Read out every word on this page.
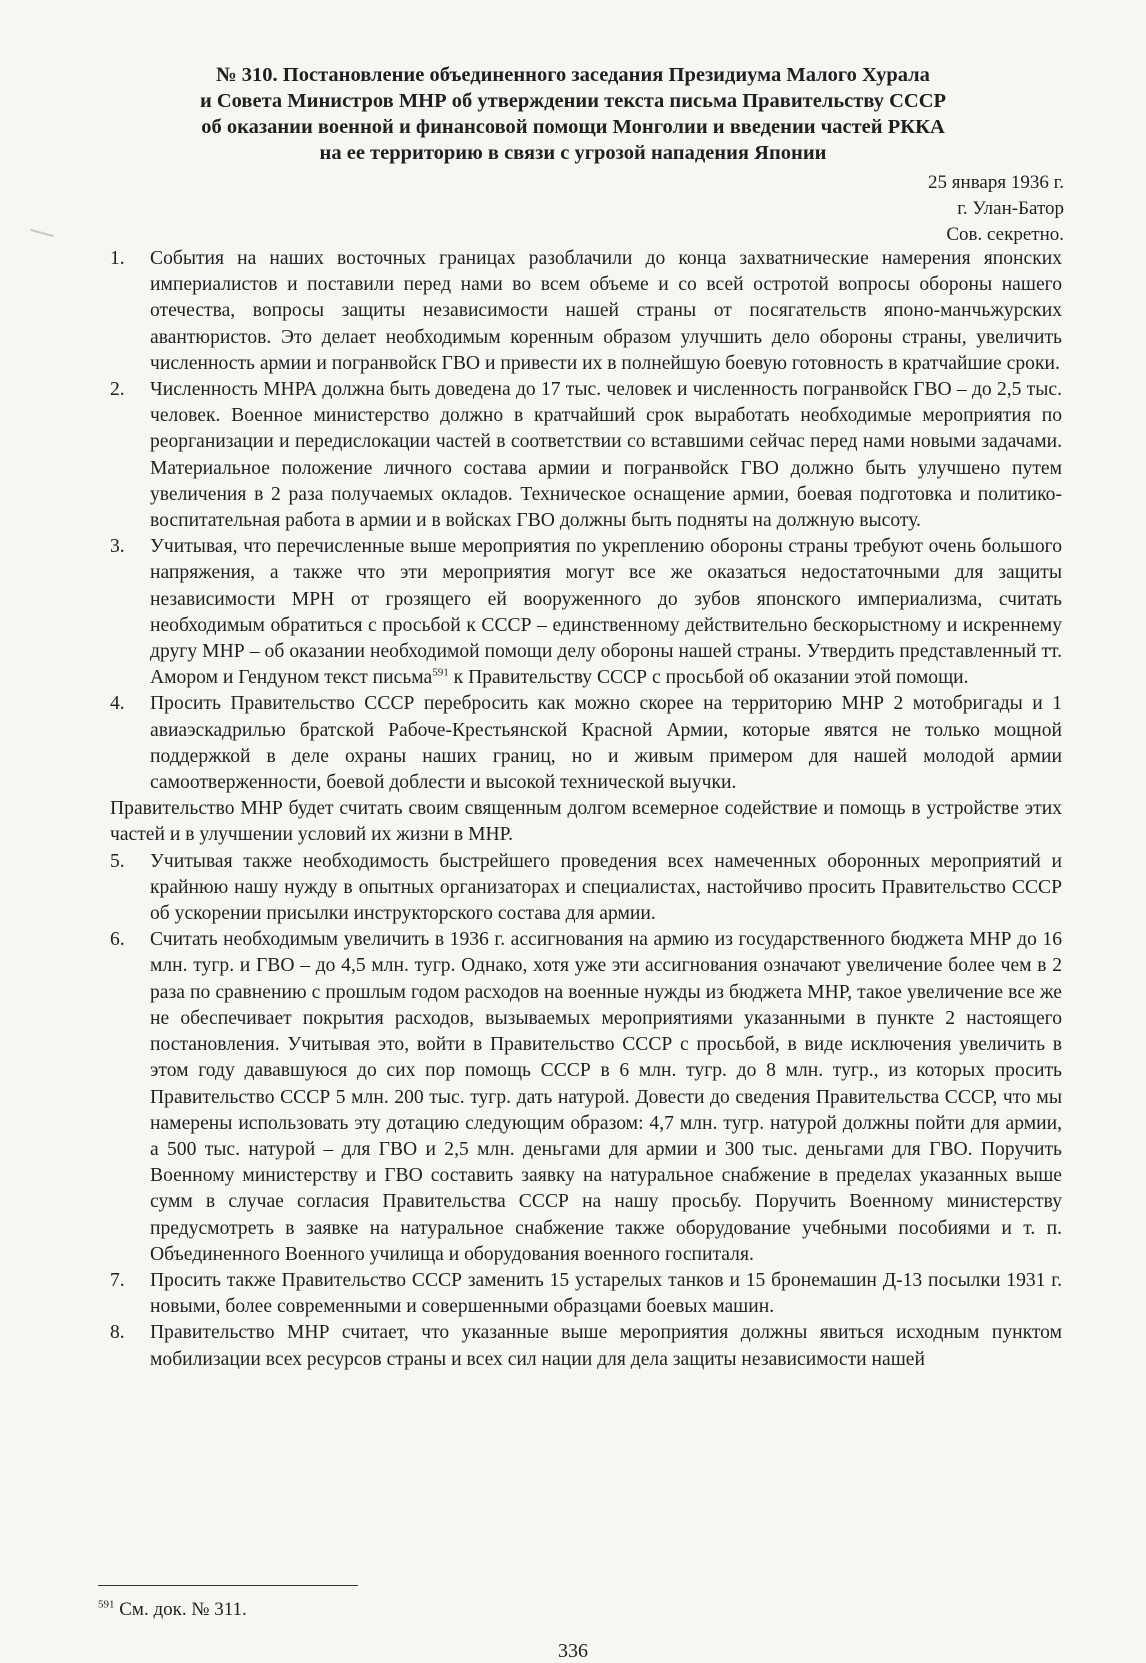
№ 310. Постановление объединенного заседания Президиума Малого Хурала
и Совета Министров МНР об утверждении текста письма Правительству СССР
об оказании военной и финансовой помощи Монголии и введении частей РККА
на ее территорию в связи с угрозой нападения Японии
25 января 1936 г.
г. Улан-Батор
Сов. секретно.
1.	События на наших восточных границах разоблачили до конца захватнические намерения японских империалистов и поставили перед нами во всем объеме и со всей остротой вопросы обороны нашего отечества, вопросы защиты независимости нашей страны от посягательств японо-манчьжурских авантюристов. Это делает необходимым коренным образом улучшить дело обороны страны, увеличить численность армии и погранвойск ГВО и привести их в полнейшую боевую готовность в кратчайшие сроки.
2.	Численность МНРА должна быть доведена до 17 тыс. человек и численность погранвойск ГВО – до 2,5 тыс. человек. Военное министерство должно в кратчайший срок выработать необходимые мероприятия по реорганизации и передислокации частей в соответствии со вставшими сейчас перед нами новыми задачами. Материальное положение личного состава армии и погранвойск ГВО должно быть улучшено путем увеличения в 2 раза получаемых окладов. Техническое оснащение армии, боевая подготовка и политико-воспитательная работа в армии и в войсках ГВО должны быть подняты на должную высоту.
3.	Учитывая, что перечисленные выше мероприятия по укреплению обороны страны требуют очень большого напряжения, а также что эти мероприятия могут все же оказаться недостаточными для защиты независимости МРН от грозящего ей вооруженного до зубов японского империализма, считать необходимым обратиться с просьбой к СССР – единственному действительно бескорыстному и искреннему другу МНР – об оказании необходимой помощи делу обороны нашей страны. Утвердить представленный тт. Амором и Гендуном текст письма$^{591}$ к Правительству СССР с просьбой об оказании этой помощи.
4.	Просить Правительство СССР перебросить как можно скорее на территорию МНР 2 мотобригады и 1 авиаэскадрилью братской Рабоче-Крестьянской Красной Армии, которые явятся не только мощной поддержкой в деле охраны наших границ, но и живым примером для нашей молодой армии самоотверженности, боевой доблести и высокой технической выучки.

Правительство МНР будет считать своим священным долгом всемерное содействие и помощь в устройстве этих частей и в улучшении условий их жизни в МНР.

5.	Учитывая также необходимость быстрейшего проведения всех намеченных оборонных мероприятий и крайнюю нашу нужду в опытных организаторах и специалистах, настойчиво просить Правительство СССР об ускорении присылки инструкторского состава для армии.
6.	Считать необходимым увеличить в 1936 г. ассигнования на армию из государственного бюджета МНР до 16 млн. тугр. и ГВО – до 4,5 млн. тугр. Однако, хотя уже эти ассигнования означают увеличение более чем в 2 раза по сравнению с прошлым годом расходов на военные нужды из бюджета МНР, такое увеличение все же не обеспечивает покрытия расходов, вызываемых мероприятиями указанными в пункте 2 настоящего постановления. Учитывая это, войти в Правительство СССР с просьбой, в виде исключения увеличить в этом году дававшуюся до сих пор помощь СССР в 6 млн. тугр. до 8 млн. тугр., из которых просить Правительство СССР 5 млн. 200 тыс. тугр. дать натурой. Довести до сведения Правительства СССР, что мы намерены использовать эту дотацию следующим образом: 4,7 млн. тугр. натурой должны пойти для армии, а 500 тыс. натурой – для ГВО и 2,5 млн. деньгами для армии и 300 тыс. деньгами для ГВО. Поручить Военному министерству и ГВО составить заявку на натуральное снабжение в пределах указанных выше сумм в случае согласия Правительства СССР на нашу просьбу. Поручить Военному министерству предусмотреть в заявке на натуральное снабжение также оборудование учебными пособиями и т. п. Объединенного Военного училища и оборудования военного госпиталя.
7.	Просить также Правительство СССР заменить 15 устарелых танков и 15 бронемашин Д-13 посылки 1931 г. новыми, более современными и совершенными образцами боевых машин.
8.	Правительство МНР считает, что указанные выше мероприятия должны явиться исходным пунктом мобилизации всех ресурсов страны и всех сил нации для дела защиты независимости нашей
$^{591}$ См. док. № 311.
336
